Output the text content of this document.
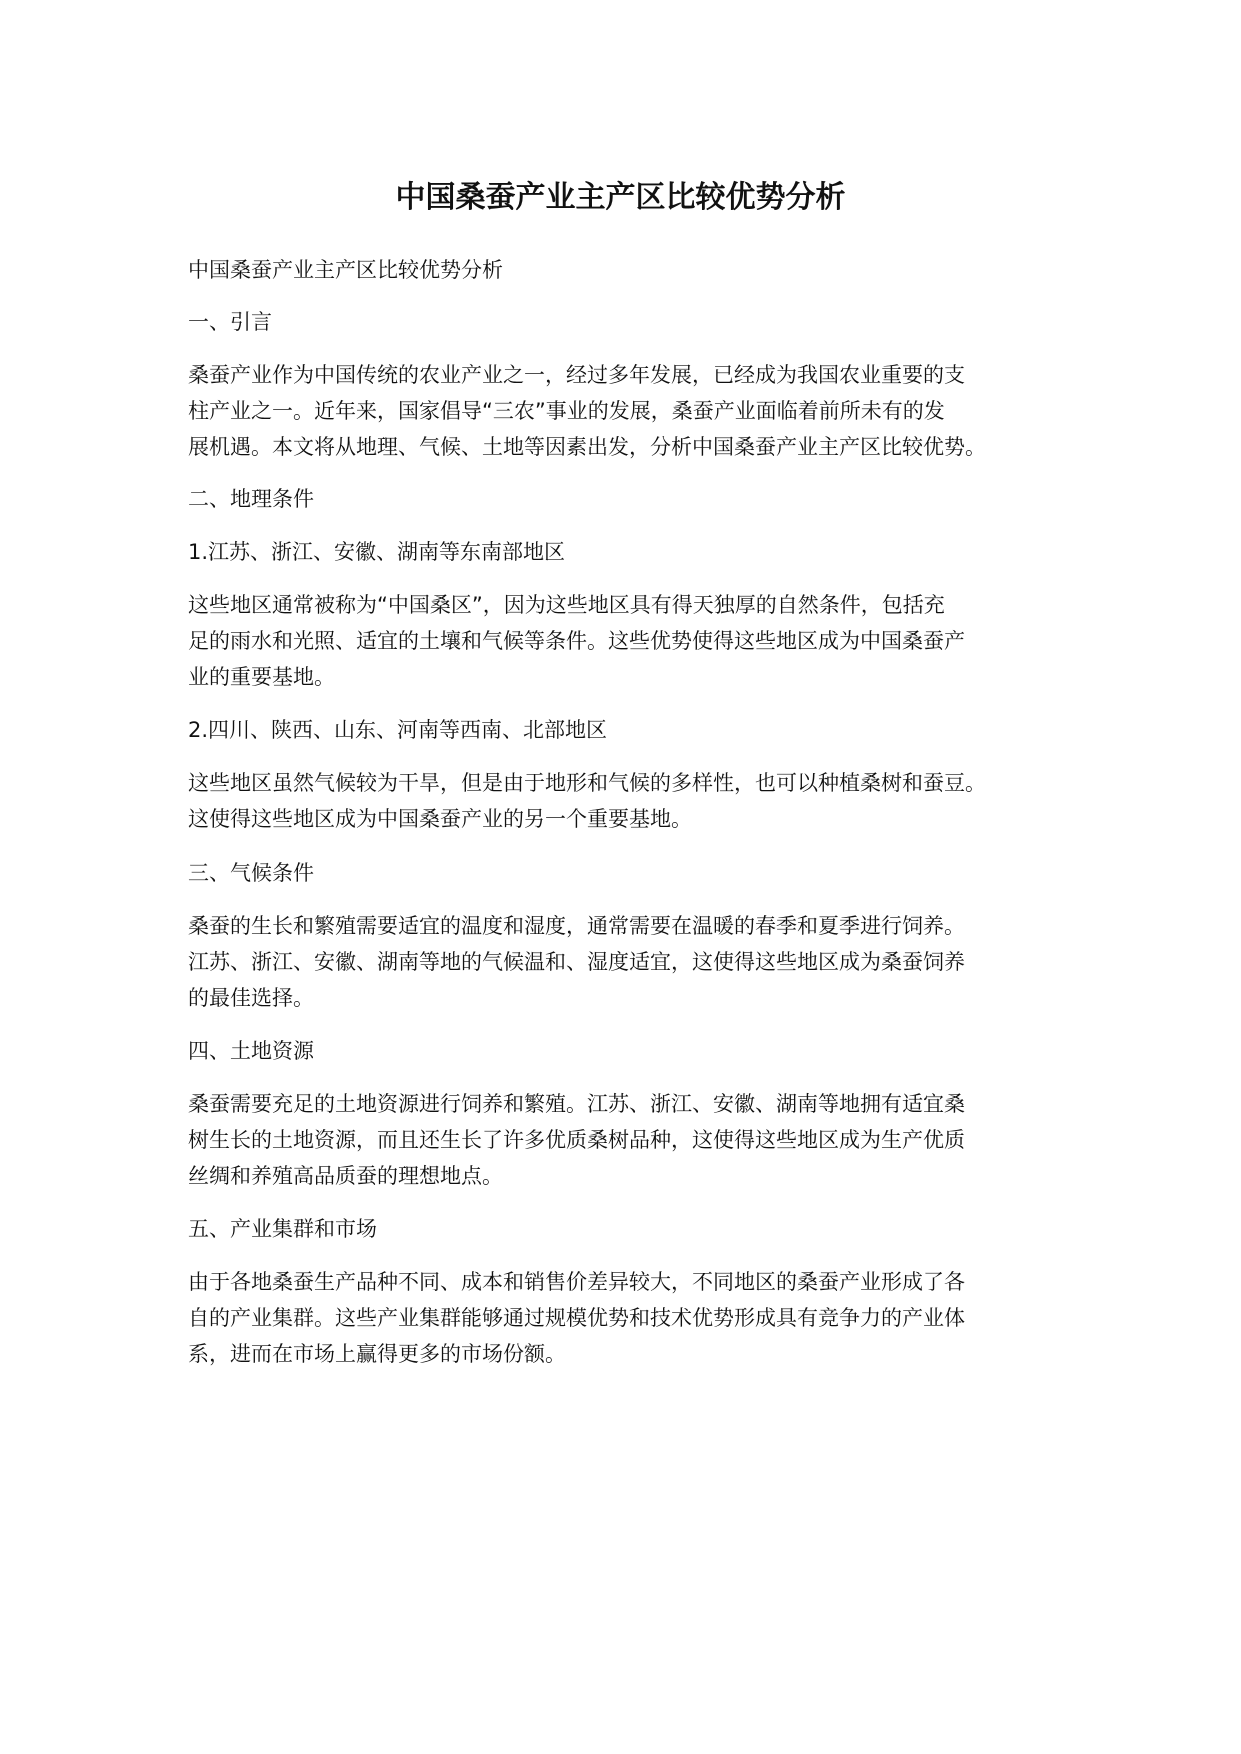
中国桑蚕产业主产区比较优势分析

中国桑蚕产业主产区比较优势分析

一、引言

桑蚕产业作为中国传统的农业产业之一，经过多年发展，已经成为我国农业重要的支

柱产业之一。近年来，国家倡导“三农”事业的发展，桑蚕产业面临着前所未有的发

展机遇。本文将从地理、气候、土地等因素出发，分析中国桑蚕产业主产区比较优势。

二、地理条件

1.江苏、浙江、安徽、湖南等东南部地区

这些地区通常被称为“中国桑区”，因为这些地区具有得天独厚的自然条件，包括充

足的雨水和光照、适宜的土壤和气候等条件。这些优势使得这些地区成为中国桑蚕产

业的重要基地。

2.四川、陕西、山东、河南等西南、北部地区

这些地区虽然气候较为干旱，但是由于地形和气候的多样性，也可以种植桑树和蚕豆。

这使得这些地区成为中国桑蚕产业的另一个重要基地。

三、气候条件

桑蚕的生长和繁殖需要适宜的温度和湿度，通常需要在温暖的春季和夏季进行饲养。

江苏、浙江、安徽、湖南等地的气候温和、湿度适宜，这使得这些地区成为桑蚕饲养

的最佳选择。

四、土地资源

桑蚕需要充足的土地资源进行饲养和繁殖。江苏、浙江、安徽、湖南等地拥有适宜桑

树生长的土地资源，而且还生长了许多优质桑树品种，这使得这些地区成为生产优质

丝绸和养殖高品质蚕的理想地点。

五、产业集群和市场

由于各地桑蚕生产品种不同、成本和销售价差异较大，不同地区的桑蚕产业形成了各

自的产业集群。这些产业集群能够通过规模优势和技术优势形成具有竞争力的产业体

系，进而在市场上赢得更多的市场份额。
